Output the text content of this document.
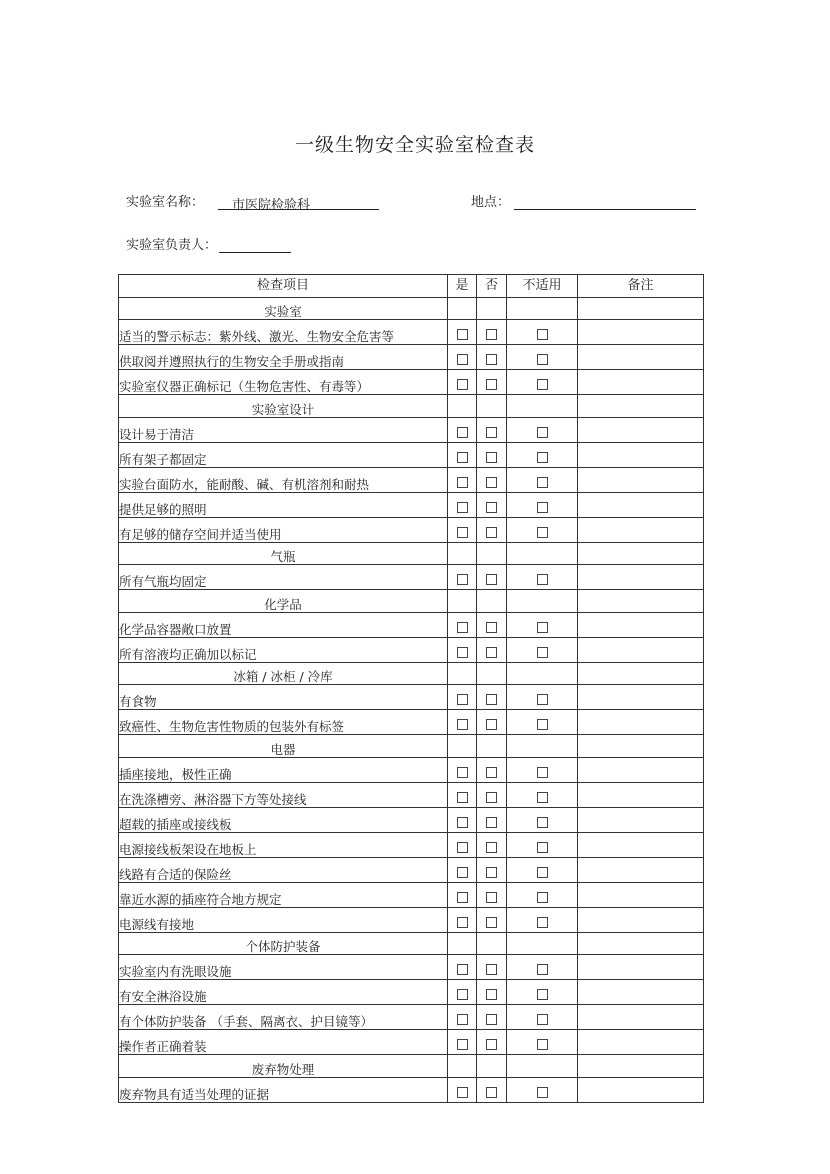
一级生物安全实验室检查表
实验室名称： 市医院检验科	地点：
实验室负责人：
检查项目	是	否	不适用	备注
实验室				
适当的警示标志：紫外线、激光、生物安全危害等				
供取阅并遵照执行的生物安全手册或指南				
实验室仪器正确标记（生物危害性、有毒等）				
实验室设计				
设计易于清洁				
所有架子都固定				
实验台面防水，能耐酸、碱、有机溶剂和耐热				
提供足够的照明				
有足够的储存空间并适当使用				
气瓶				
所有气瓶均固定				
化学品				
化学品容器敞口放置				
所有溶液均正确加以标记				
冰箱 / 冰柜 / 冷库				
有食物				
致癌性、生物危害性物质的包装外有标签				
电器				
插座接地，极性正确				
在洗涤槽旁、淋浴器下方等处接线				
超载的插座或接线板				
电源接线板架设在地板上				
线路有合适的保险丝				
靠近水源的插座符合地方规定				
电源线有接地				
个体防护装备				
实验室内有洗眼设施				
有安全淋浴设施				
有个体防护装备 （手套、隔离衣、护目镜等）				
操作者正确着装				
废弃物处理				
废弃物具有适当处理的证据				
